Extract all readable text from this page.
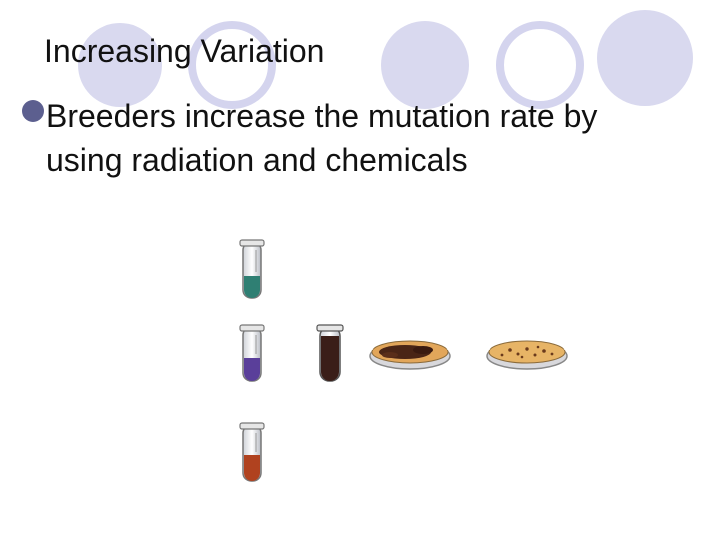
Increasing Variation
Breeders increase the mutation rate by
using radiation and chemicals
